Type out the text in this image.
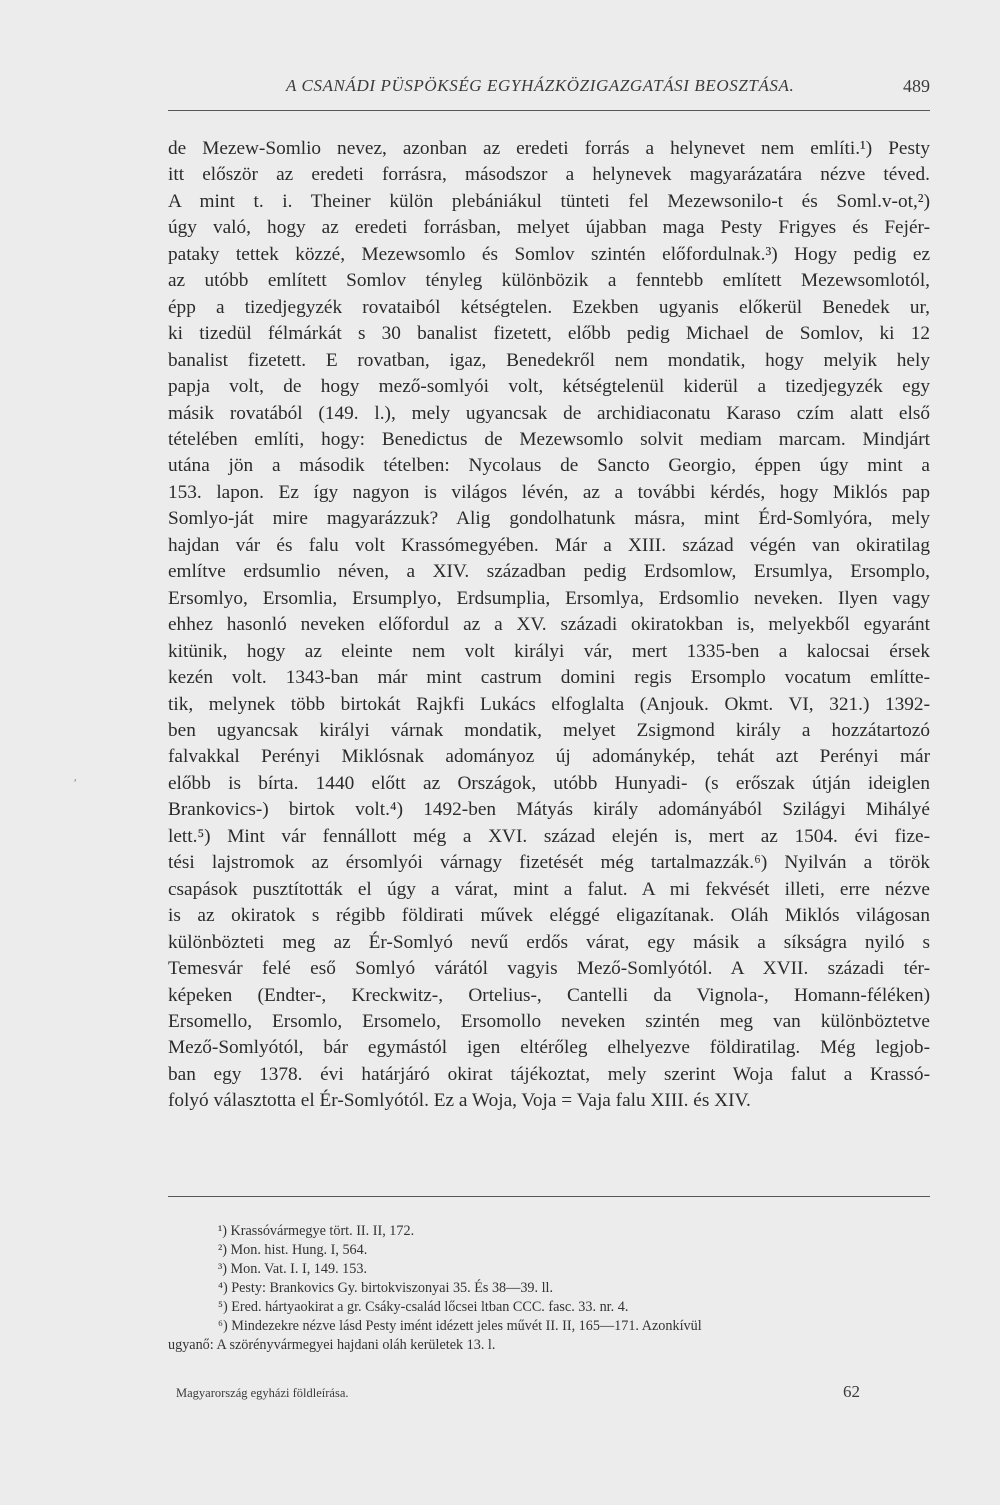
A CSANÁDI PÜSPÖKSÉG EGYHÁZKÖZIGAZGATÁSI BEOSZTÁSA.	489
ʹ
de Mezew-Somlio nevez, azonban az eredeti forrás a helynevet nem említi.¹) Pesty
itt először az eredeti forrásra, másodszor a helynevek magyarázatára nézve téved.
A mint t. i. Theiner külön plebániákul tünteti fel Mezewsonilo-t és Soml.v-ot,²)
úgy való, hogy az eredeti forrásban, melyet újabban maga Pesty Frigyes és Fejér-
pataky tettek közzé, Mezewsomlo és Somlov szintén előfordulnak.³) Hogy pedig ez
az utóbb említett Somlov tényleg különbözik a fenntebb említett Mezewsomlotól,
épp a tizedjegyzék rovataiból kétségtelen. Ezekben ugyanis előkerül Benedek ur,
ki tizedül félmárkát s 30 banalist fizetett, előbb pedig Michael de Somlov, ki 12
banalist fizetett. E rovatban, igaz, Benedekről nem mondatik, hogy melyik hely
papja volt, de hogy mező-somlyói volt, kétségtelenül kiderül a tizedjegyzék egy
másik rovatából (149. l.), mely ugyancsak de archidiaconatu Karaso czím alatt első
tételében említi, hogy: Benedictus de Mezewsomlo solvit mediam marcam. Mindjárt
utána jön a második tételben: Nycolaus de Sancto Georgio, éppen úgy mint a
153. lapon. Ez így nagyon is világos lévén, az a további kérdés, hogy Miklós pap
Somlyo-ját mire magyarázzuk? Alig gondolhatunk másra, mint Érd-Somlyóra, mely
hajdan vár és falu volt Krassómegyében. Már a XIII. század végén van okiratilag
említve erdsumlio néven, a XIV. században pedig Erdsomlow, Ersumlya, Ersomplo,
Ersomlyo, Ersomlia, Ersumplyo, Erdsumplia, Ersomlya, Erdsomlio neveken. Ilyen vagy
ehhez hasonló neveken előfordul az a XV. századi okiratokban is, melyekből egyaránt
kitünik, hogy az eleinte nem volt királyi vár, mert 1335-ben a kalocsai érsek
kezén volt. 1343-ban már mint castrum domini regis Ersomplo vocatum említte-
tik, melynek több birtokát Rajkfi Lukács elfoglalta (Anjouk. Okmt. VI, 321.) 1392-
ben ugyancsak királyi várnak mondatik, melyet Zsigmond király a hozzátartozó
falvakkal Perényi Miklósnak adományoz új adománykép, tehát azt Perényi már
előbb is bírta. 1440 előtt az Országok, utóbb Hunyadi- (s erőszak útján ideiglen
Brankovics-) birtok volt.⁴) 1492-ben Mátyás király adományából Szilágyi Mihályé
lett.⁵) Mint vár fennállott még a XVI. század elején is, mert az 1504. évi fize-
tési lajstromok az érsomlyói várnagy fizetését még tartalmazzák.⁶) Nyilván a török
csapások pusztították el úgy a várat, mint a falut. A mi fekvését illeti, erre nézve
is az okiratok s régibb földirati művek eléggé eligazítanak. Oláh Miklós világosan
különbözteti meg az Ér-Somlyó nevű erdős várat, egy másik a síkságra nyiló s
Temesvár felé eső Somlyó várától vagyis Mező-Somlyótól. A XVII. századi tér-
képeken (Endter-, Kreckwitz-, Ortelius-, Cantelli da Vignola-, Homann-féléken)
Ersomello, Ersomlo, Ersomelo, Ersomollo neveken szintén meg van különböztetve
Mező-Somlyótól, bár egymástól igen eltérőleg elhelyezve földiratilag. Még legjob-
ban egy 1378. évi határjáró okirat tájékoztat, mely szerint Woja falut a Krassó-
folyó választotta el Ér-Somlyótól. Ez a Woja, Voja = Vaja falu XIII. és XIV.
¹) Krassóvármegye tört. II. II, 172.
²) Mon. hist. Hung. I, 564.
³) Mon. Vat. I. I, 149. 153.
⁴) Pesty: Brankovics Gy. birtokviszonyai 35. És 38—39. ll.
⁵) Ered. hártyaokirat a gr. Csáky-család lőcsei ltban CCC. fasc. 33. nr. 4.
⁶) Mindezekre nézve lásd Pesty imént idézett jeles művét II. II, 165—171. Azonkívül
ugyanő: A szörényvármegyei hajdani oláh kerületek 13. l.
Magyarország egyházi földleírása.	62
